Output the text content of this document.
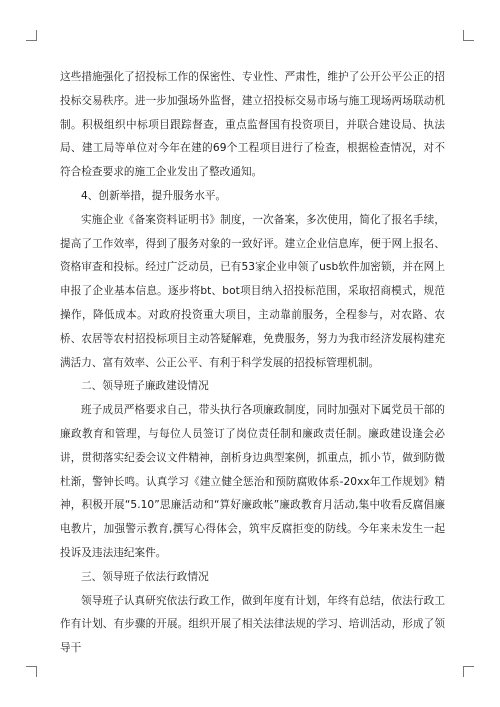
这些措施强化了招投标工作的保密性、专业性、严肃性，维护了公开公平公正的招投标交易秩序。进一步加强场外监督，建立招投标交易市场与施工现场两场联动机制。积极组织中标项目跟踪督查，重点监督国有投资项目，并联合建设局、执法局、建工局等单位对今年在建的69个工程项目进行了检查，根据检查情况，对不符合检查要求的施工企业发出了整改通知。

4、创新举措，提升服务水平。

实施企业《备案资料证明书》制度，一次备案，多次使用，简化了报名手续，提高了工作效率，得到了服务对象的一致好评。建立企业信息库，便于网上报名、资格审查和投标。经过广泛动员，已有53家企业申领了usb软件加密锁，并在网上申报了企业基本信息。逐步将bt、bot项目纳入招投标范围，采取招商模式，规范操作，降低成本。对政府投资重大项目，主动靠前服务，全程参与，对农路、农桥、农居等农村招投标项目主动答疑解难，免费服务，努力为我市经济发展构建充满活力、富有效率、公正公平、有利于科学发展的招投标管理机制。

二、领导班子廉政建设情况

班子成员严格要求自己，带头执行各项廉政制度，同时加强对下属党员干部的廉政教育和管理，与每位人员签订了岗位责任制和廉政责任制。廉政建设逢会必讲，贯彻落实纪委会议文件精神，剖析身边典型案例，抓重点，抓小节，做到防微杜渐，警钟长鸣。认真学习《建立健全惩治和预防腐败体系-20xx年工作规划》精神，积极开展“5.10”思廉活动和“算好廉政帐”廉政教育月活动,集中收看反腐倡廉电教片，加强警示教育,撰写心得体会，筑牢反腐拒变的防线。今年来未发生一起投诉及违法违纪案件。

三、领导班子依法行政情况

领导班子认真研究依法行政工作，做到年度有计划，年终有总结，依法行政工作有计划、有步骤的开展。组织开展了相关法律法规的学习、培训活动，形成了领导干
